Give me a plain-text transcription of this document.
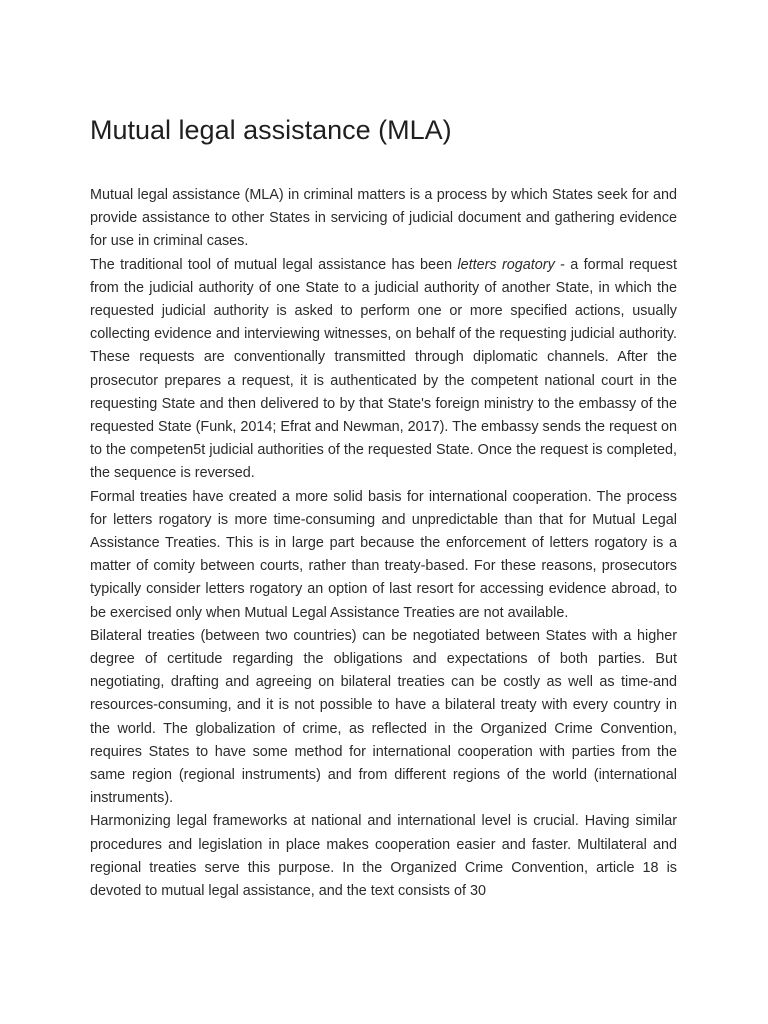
Mutual legal assistance (MLA)

Mutual legal assistance (MLA) in criminal matters is a process by which States seek for and provide assistance to other States in servicing of judicial document and gathering evidence for use in criminal cases.

The traditional tool of mutual legal assistance has been letters rogatory - a formal request from the judicial authority of one State to a judicial authority of another State, in which the requested judicial authority is asked to perform one or more specified actions, usually collecting evidence and interviewing witnesses, on behalf of the requesting judicial authority. These requests are conventionally transmitted through diplomatic channels. After the prosecutor prepares a request, it is authenticated by the competent national court in the requesting State and then delivered to by that State's foreign ministry to the embassy of the requested State (Funk, 2014; Efrat and Newman, 2017). The embassy sends the request on to the competen5t judicial authorities of the requested State. Once the request is completed, the sequence is reversed.

Formal treaties have created a more solid basis for international cooperation. The process for letters rogatory is more time-consuming and unpredictable than that for Mutual Legal Assistance Treaties. This is in large part because the enforcement of letters rogatory is a matter of comity between courts, rather than treaty-based. For these reasons, prosecutors typically consider letters rogatory an option of last resort for accessing evidence abroad, to be exercised only when Mutual Legal Assistance Treaties are not available.

Bilateral treaties (between two countries) can be negotiated between States with a higher degree of certitude regarding the obligations and expectations of both parties. But negotiating, drafting and agreeing on bilateral treaties can be costly as well as time-and resources-consuming, and it is not possible to have a bilateral treaty with every country in the world. The globalization of crime, as reflected in the Organized Crime Convention, requires States to have some method for international cooperation with parties from the same region (regional instruments) and from different regions of the world (international instruments).

Harmonizing legal frameworks at national and international level is crucial. Having similar procedures and legislation in place makes cooperation easier and faster. Multilateral and regional treaties serve this purpose. In the Organized Crime Convention, article 18 is devoted to mutual legal assistance, and the text consists of 30
